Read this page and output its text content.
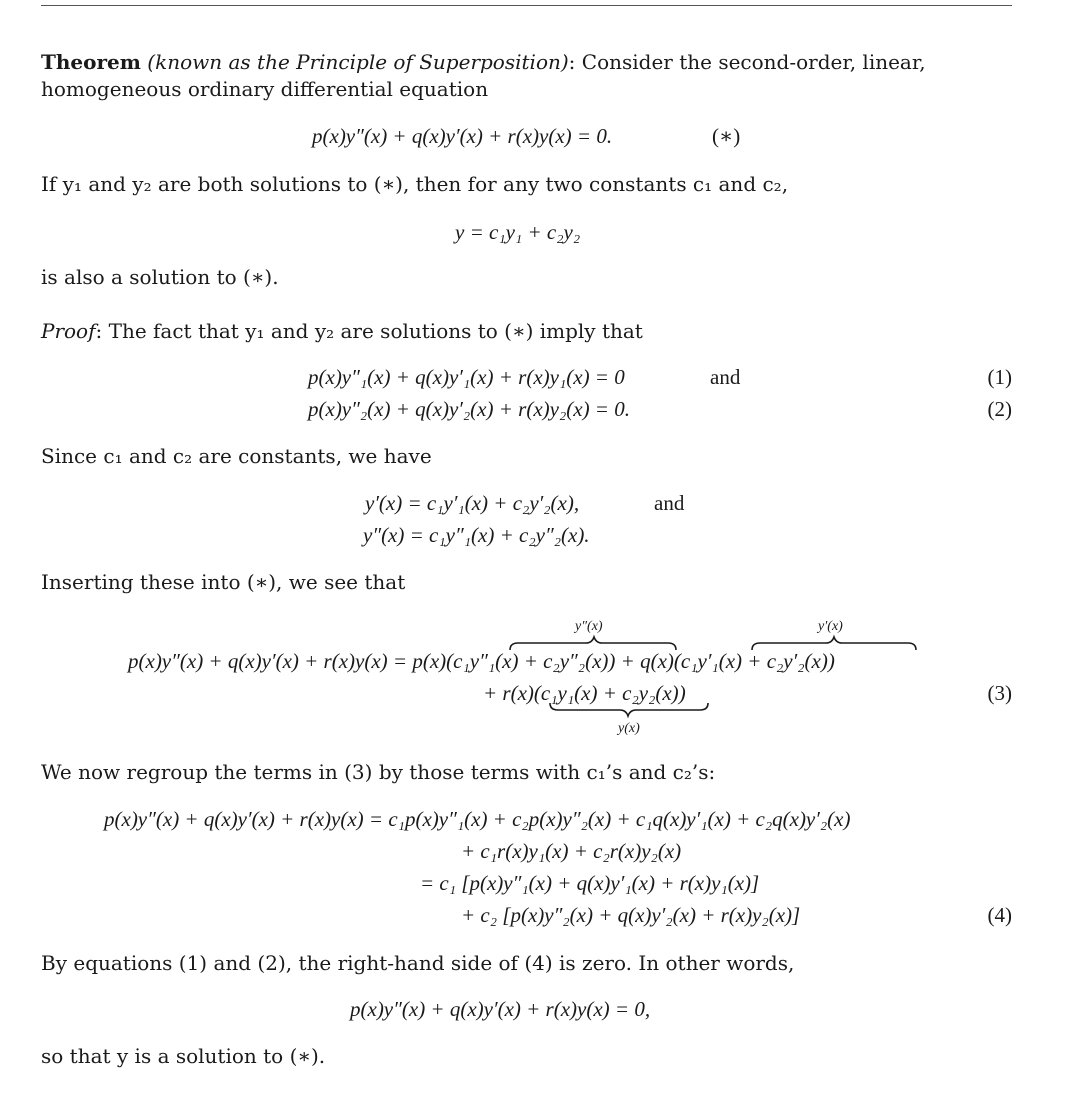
Theorem (known as the Principle of Superposition): Consider the second-order, linear, homogeneous ordinary differential equation
p(x)y″(x) + q(x)y′(x) + r(x)y(x) = 0.	(∗)
If y₁ and y₂ are both solutions to (∗), then for any two constants c₁ and c₂,
y = c₁y₁ + c₂y₂
is also a solution to (∗).
Proof: The fact that y₁ and y₂ are solutions to (∗) imply that
p(x)y″₁(x) + q(x)y′₁(x) + r(x)y₁(x) = 0	and	(1)
p(x)y″₂(x) + q(x)y′₂(x) + r(x)y₂(x) = 0.	(2)
Since c₁ and c₂ are constants, we have
y′(x) = c₁y′₁(x) + c₂y′₂(x),	and
y″(x) = c₁y″₁(x) + c₂y″₂(x).
Inserting these into (∗), we see that
y″(x)	y′(x)
p(x)y″(x) + q(x)y′(x) + r(x)y(x) = p(x)(c₁y″₁(x) + c₂y″₂(x)) + q(x)(c₁y′₁(x) + c₂y′₂(x))
+ r(x)(c₁y₁(x) + c₂y₂(x))	(3)
y(x)
We now regroup the terms in (3) by those terms with c₁’s and c₂’s:
p(x)y″(x) + q(x)y′(x) + r(x)y(x) = c₁p(x)y″₁(x) + c₂p(x)y″₂(x) + c₁q(x)y′₁(x) + c₂q(x)y′₂(x)
+ c₁r(x)y₁(x) + c₂r(x)y₂(x)
= c₁ [p(x)y″₁(x) + q(x)y′₁(x) + r(x)y₁(x)]
+ c₂ [p(x)y″₂(x) + q(x)y′₂(x) + r(x)y₂(x)]	(4)
By equations (1) and (2), the right-hand side of (4) is zero. In other words,
p(x)y″(x) + q(x)y′(x) + r(x)y(x) = 0,
so that y is a solution to (∗).
